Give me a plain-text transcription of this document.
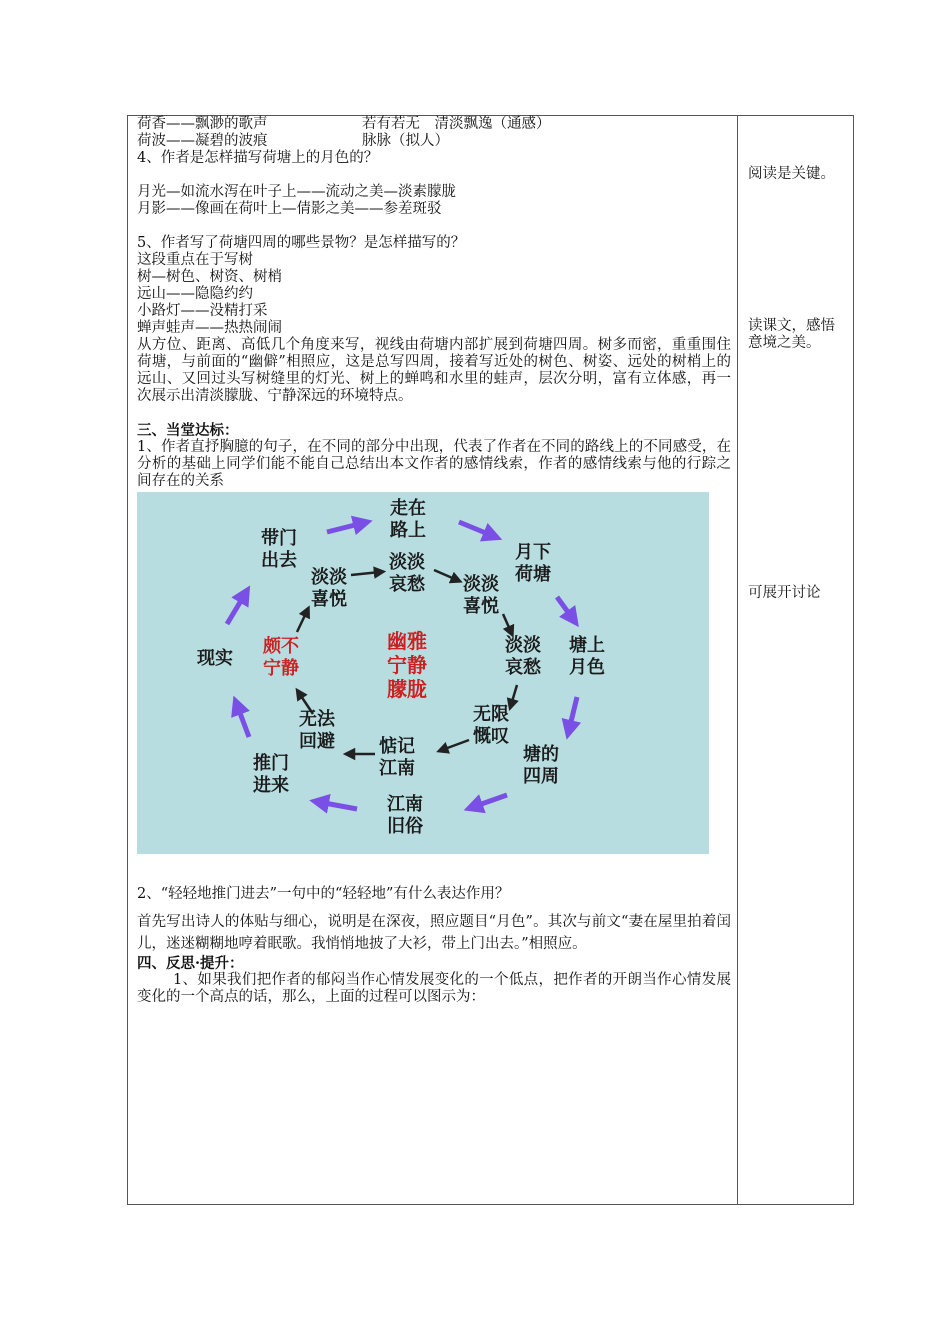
荷香——飘渺的歌声	若有若无　清淡飘逸（通感）
荷波——凝碧的波痕	脉脉（拟人）
4、作者是怎样描写荷塘上的月色的？
月光—如流水泻在叶子上——流动之美—淡素朦胧
月影——像画在荷叶上—倩影之美——参差斑驳
5、作者写了荷塘四周的哪些景物？是怎样描写的？
这段重点在于写树
树—树色、树资、树梢
远山——隐隐约约
小路灯——没精打采
蝉声蛙声——热热闹闹
从方位、距离、高低几个角度来写，视线由荷塘内部扩展到荷塘四周。树多而密，重重围住荷塘，与前面的“幽僻”相照应，这是总写四周，接着写近处的树色、树姿、远处的树梢上的远山、又回过头写树缝里的灯光、树上的蝉鸣和水里的蛙声，层次分明，富有立体感，再一次展示出清淡朦胧、宁静深远的环境特点。
三、当堂达标：
1、作者直抒胸臆的句子，在不同的部分中出现，代表了作者在不同的路线上的不同感受，在分析的基础上同学们能不能自己总结出本文作者的感情线索，作者的感情线索与他的行踪之间存在的关系
走在
路上
月下
荷塘
塘上
月色
塘的
四周
江南
旧俗
推门
进来
现实
带门
出去
淡淡
喜悦
淡淡
哀愁	淡淡
喜悦
淡淡
哀愁
无限
慨叹
惦记
江南
无法
回避
颇不
宁静
幽雅
宁静
朦胧
2、“轻轻地推门进去”一句中的“轻轻地”有什么表达作用？
首先写出诗人的体贴与细心，说明是在深夜，照应题目“月色”。其次与前文“妻在屋里拍着闰儿，迷迷糊糊地哼着眠歌。我悄悄地披了大衫，带上门出去。”相照应。
四、反思·提升：
1、如果我们把作者的郁闷当作心情发展变化的一个低点，把作者的开朗当作心情发展变化的一个高点的话，那么，上面的过程可以图示为：
阅读是关键。
读课文，感悟意境之美。
可展开讨论
